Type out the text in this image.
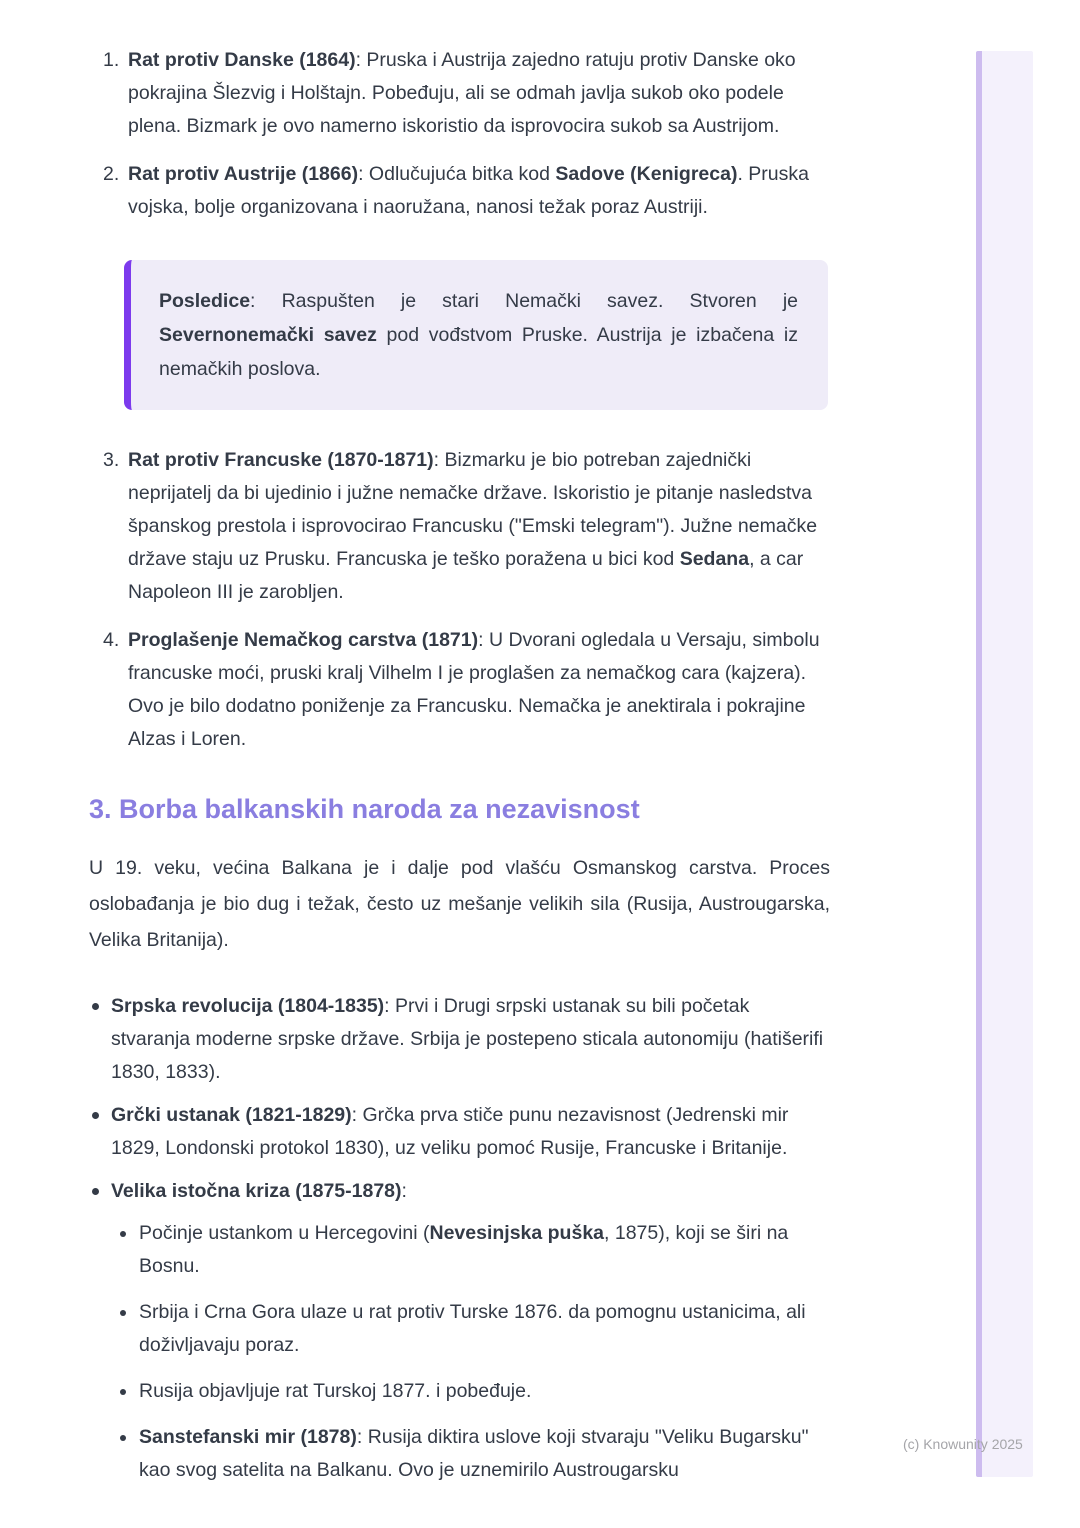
(c) Knowunity 2025
1. Rat protiv Danske (1864): Pruska i Austrija zajedno ratuju protiv Danske oko pokrajina Šlezvig i Holštajn. Pobeđuju, ali se odmah javlja sukob oko podele plena. Bizmark je ovo namerno iskoristio da isprovocira sukob sa Austrijom.
2. Rat protiv Austrije (1866): Odlučujuća bitka kod Sadove (Kenigreca). Pruska vojska, bolje organizovana i naoružana, nanosi težak poraz Austriji.
Posledice: Raspušten je stari Nemački savez. Stvoren je Severnonemački savez pod vođstvom Pruske. Austrija je izbačena iz nemačkih poslova.
3. Rat protiv Francuske (1870-1871): Bizmarku je bio potreban zajednički neprijatelj da bi ujedinio i južne nemačke države. Iskoristio je pitanje nasledstva španskog prestola i isprovocirao Francusku ("Emski telegram"). Južne nemačke države staju uz Prusku. Francuska je teško poražena u bici kod Sedana, a car Napoleon III je zarobljen.
4. Proglašenje Nemačkog carstva (1871): U Dvorani ogledala u Versaju, simbolu francuske moći, pruski kralj Vilhelm I je proglašen za nemačkog cara (kajzera). Ovo je bilo dodatno poniženje za Francusku. Nemačka je anektirala i pokrajine Alzas i Loren.
3. Borba balkanskih naroda za nezavisnost

U 19. veku, većina Balkana je i dalje pod vlašću Osmanskog carstva. Proces oslobađanja je bio dug i težak, često uz mešanje velikih sila (Rusija, Austrougarska, Velika Britanija).

Srpska revolucija (1804-1835): Prvi i Drugi srpski ustanak su bili početak stvaranja moderne srpske države. Srbija je postepeno sticala autonomiju (hatišerifi 1830, 1833).
Grčki ustanak (1821-1829): Grčka prva stiče punu nezavisnost (Jedrenski mir 1829, Londonski protokol 1830), uz veliku pomoć Rusije, Francuske i Britanije.
Velika istočna kriza (1875-1878):
Počinje ustankom u Hercegovini (Nevesinjska puška, 1875), koji se širi na Bosnu.
Srbija i Crna Gora ulaze u rat protiv Turske 1876. da pomognu ustanicima, ali doživljavaju poraz.
Rusija objavljuje rat Turskoj 1877. i pobeđuje.
Sanstefanski mir (1878): Rusija diktira uslove koji stvaraju "Veliku Bugarsku" kao svog satelita na Balkanu. Ovo je uznemirilo Austrougarsku
